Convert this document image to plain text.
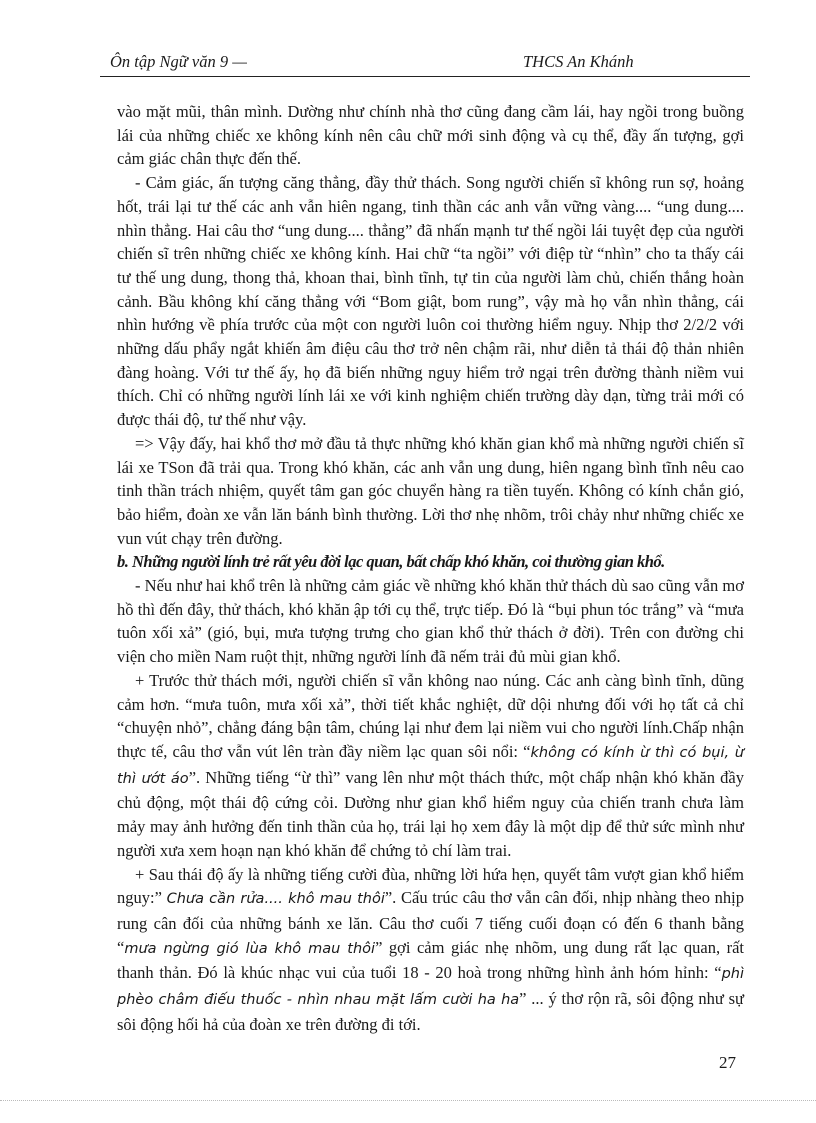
Ôn tập Ngữ văn 9 —	THCS An Khánh

vào mặt mũi, thân mình. Dường như chính nhà thơ cũng đang cầm lái, hay ngồi trong buồng lái của những chiếc xe không kính nên câu chữ mới sinh động và cụ thể, đầy ấn tượng, gợi cảm giác chân thực đến thế.

- Cảm giác, ấn tượng căng thẳng, đầy thử thách. Song người chiến sĩ không run sợ, hoảng hốt, trái lại tư thế các anh vẫn hiên ngang, tinh thần các anh vẫn vững vàng.... “ung dung.... nhìn thẳng. Hai câu thơ “ung dung.... thẳng” đã nhấn mạnh tư thế ngồi lái tuyệt đẹp của người chiến sĩ trên những chiếc xe không kính. Hai chữ “ta ngồi” với điệp từ “nhìn” cho ta thấy cái tư thế ung dung, thong thả, khoan thai, bình tĩnh, tự tin của người làm chủ, chiến thắng hoàn cảnh. Bầu không khí căng thẳng với “Bom giật, bom rung”, vậy mà họ vẫn nhìn thẳng, cái nhìn hướng về phía trước của một con người luôn coi thường hiểm nguy. Nhịp thơ 2/2/2 với những dấu phẩy ngắt khiến âm điệu câu thơ trở nên chậm rãi, như diễn tả thái độ thản nhiên đàng hoàng. Với tư thế ấy, họ đã biến những nguy hiểm trở ngại trên đường thành niềm vui thích. Chỉ có những người lính lái xe với kinh nghiệm chiến trường dày dạn, từng trải mới có được thái độ, tư thế như vậy.

=> Vậy đấy, hai khổ thơ mở đầu tả thực những khó khăn gian khổ mà những người chiến sĩ lái xe TSon đã trải qua. Trong khó khăn, các anh vẫn ung dung, hiên ngang bình tĩnh nêu cao tinh thần trách nhiệm, quyết tâm gan góc chuyển hàng ra tiền tuyến. Không có kính chắn gió, bảo hiểm, đoàn xe vẫn lăn bánh bình thường. Lời thơ nhẹ nhõm, trôi chảy như những chiếc xe vun vút chạy trên đường.

b. Những người lính trẻ rất yêu đời lạc quan, bất chấp khó khăn, coi thường gian khổ.

- Nếu như hai khổ trên là những cảm giác về những khó khăn thử thách dù sao cũng vẫn mơ hồ thì đến đây, thử thách, khó khăn ập tới cụ thể, trực tiếp. Đó là “bụi phun tóc trắng” và “mưa tuôn xối xả” (gió, bụi, mưa tượng trưng cho gian khổ thử thách ở đời). Trên con đường chi viện cho miền Nam ruột thịt, những người lính đã nếm trải đủ mùi gian khổ.

+ Trước thử thách mới, người chiến sĩ vẫn không nao núng. Các anh càng bình tĩnh, dũng cảm hơn. “mưa tuôn, mưa xối xả”, thời tiết khắc nghiệt, dữ dội nhưng đối với họ tất cả chỉ “chuyện nhỏ”, chẳng đáng bận tâm, chúng lại như đem lại niềm vui cho người lính.Chấp nhận thực tế, câu thơ vẫn vút lên tràn đầy niềm lạc quan sôi nổi: “không có kính ừ thì có bụi, ừ thì ướt áo”. Những tiếng “ừ thì” vang lên như một thách thức, một chấp nhận khó khăn đầy chủ động, một thái độ cứng cỏi. Dường như gian khổ hiểm nguy của chiến tranh chưa làm mảy may ảnh hưởng đến tinh thần của họ, trái lại họ xem đây là một dịp để thử sức mình như người xưa xem hoạn nạn khó khăn để chứng tỏ chí làm trai.

+ Sau thái độ ấy là những tiếng cười đùa, những lời hứa hẹn, quyết tâm vượt gian khổ hiểm nguy:” Chưa cần rửa.... khô mau thôi”. Cấu trúc câu thơ vẫn cân đối, nhịp nhàng theo nhịp rung cân đối của những bánh xe lăn. Câu thơ cuối 7 tiếng cuối đoạn có đến 6 thanh bằng “mưa ngừng gió lùa khô mau thôi” gợi cảm giác nhẹ nhõm, ung dung rất lạc quan, rất thanh thản. Đó là khúc nhạc vui của tuổi 18 - 20 hoà trong những hình ảnh hóm hỉnh: “phì phèo châm điếu thuốc - nhìn nhau mặt lấm cười ha ha” ... ý thơ rộn rã, sôi động như sự sôi động hối hả của đoàn xe trên đường đi tới.

27
